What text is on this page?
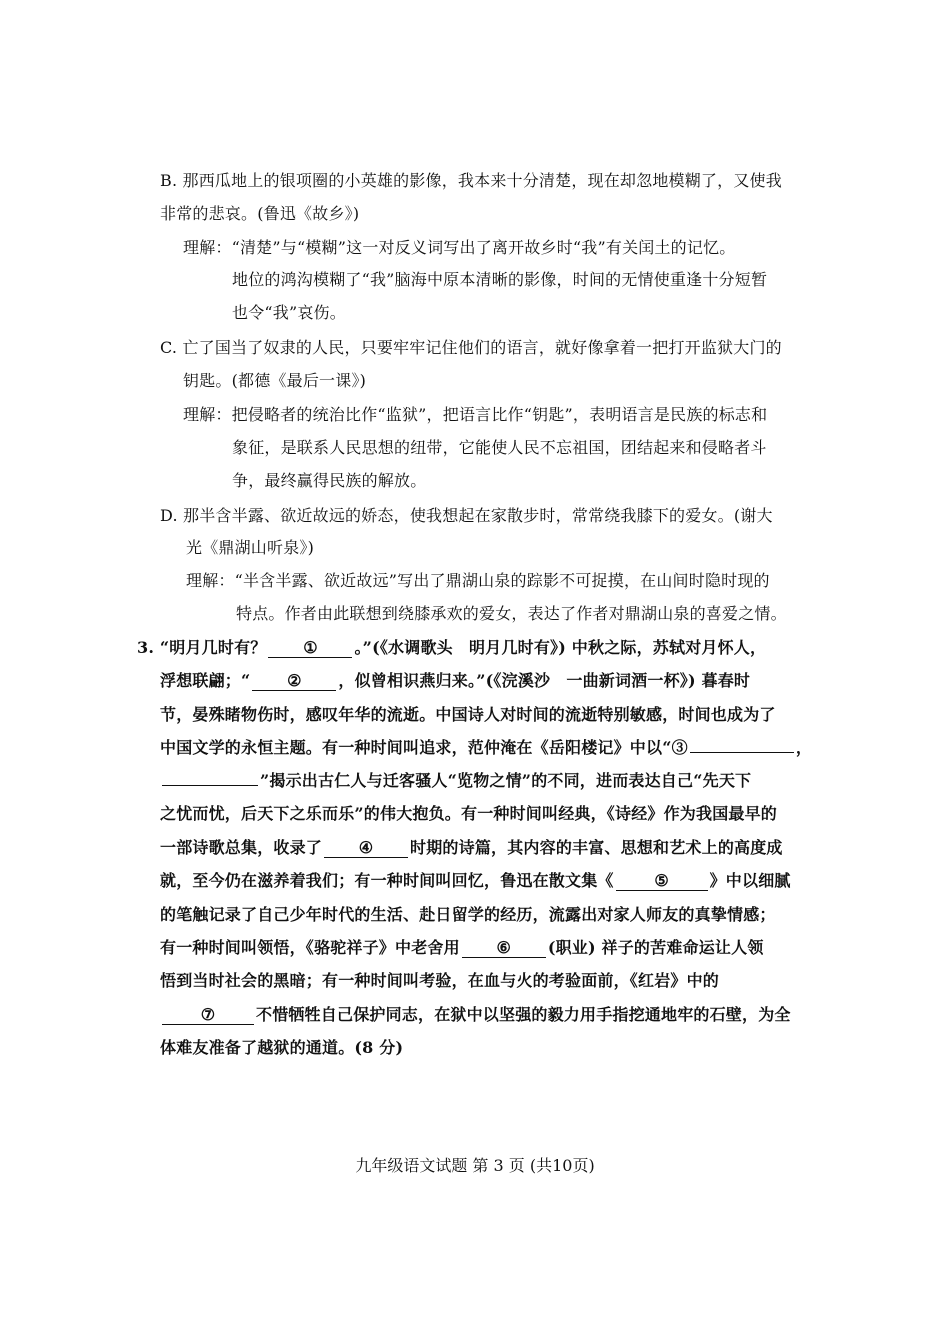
B. 那西瓜地上的银项圈的小英雄的影像，我本来十分清楚，现在却忽地模糊了，又使我
非常的悲哀。(鲁迅《故乡》)
理解：“清楚”与“模糊”这一对反义词写出了离开故乡时“我”有关闰土的记忆。
地位的鸿沟模糊了“我”脑海中原本清晰的影像，时间的无情使重逢十分短暂
也令“我”哀伤。
C. 亡了国当了奴隶的人民，只要牢牢记住他们的语言，就好像拿着一把打开监狱大门的
钥匙。(都德《最后一课》)
理解：把侵略者的统治比作“监狱”，把语言比作“钥匙”，表明语言是民族的标志和
象征，是联系人民思想的纽带，它能使人民不忘祖国，团结起来和侵略者斗
争，最终赢得民族的解放。
D. 那半含半露、欲近故远的娇态，使我想起在家散步时，常常绕我膝下的爱女。(谢大
光《鼎湖山听泉》)
理解：“半含半露、欲近故远”写出了鼎湖山泉的踪影不可捉摸，在山间时隐时现的
特点。作者由此联想到绕膝承欢的爱女，表达了作者对鼎湖山泉的喜爱之情。
3. “明月几时有？ ① 。”(《水调歌头　明月几时有》) 中秋之际，苏轼对月怀人，
浮想联翩；“ ② ，似曾相识燕归来。”(《浣溪沙　一曲新词酒一杯》) 暮春时
节，晏殊睹物伤时，感叹年华的流逝。中国诗人对时间的流逝特别敏感，时间也成为了
中国文学的永恒主题。有一种时间叫追求，范仲淹在《岳阳楼记》中以“③	，
”揭示出古仁人与迁客骚人“览物之情”的不同，进而表达自己“先天下
之忧而忧，后天下之乐而乐”的伟大抱负。有一种时间叫经典，《诗经》作为我国最早的
一部诗歌总集，收录了 ④ 时期的诗篇，其内容的丰富、思想和艺术上的高度成
就，至今仍在滋养着我们；有一种时间叫回忆，鲁迅在散文集《	⑤	》中以细腻
的笔触记录了自己少年时代的生活、赴日留学的经历，流露出对家人师友的真挚情感；
有一种时间叫领悟，《骆驼祥子》中老舍用 ⑥ (职业) 祥子的苦难命运让人领
悟到当时社会的黑暗；有一种时间叫考验，在血与火的考验面前，《红岩》中的
⑦	不惜牺牲自己保护同志，在狱中以坚强的毅力用手指挖通地牢的石壁，为全
体难友准备了越狱的通道。(8 分)
九年级语文试题 第 3 页 (共10页)
